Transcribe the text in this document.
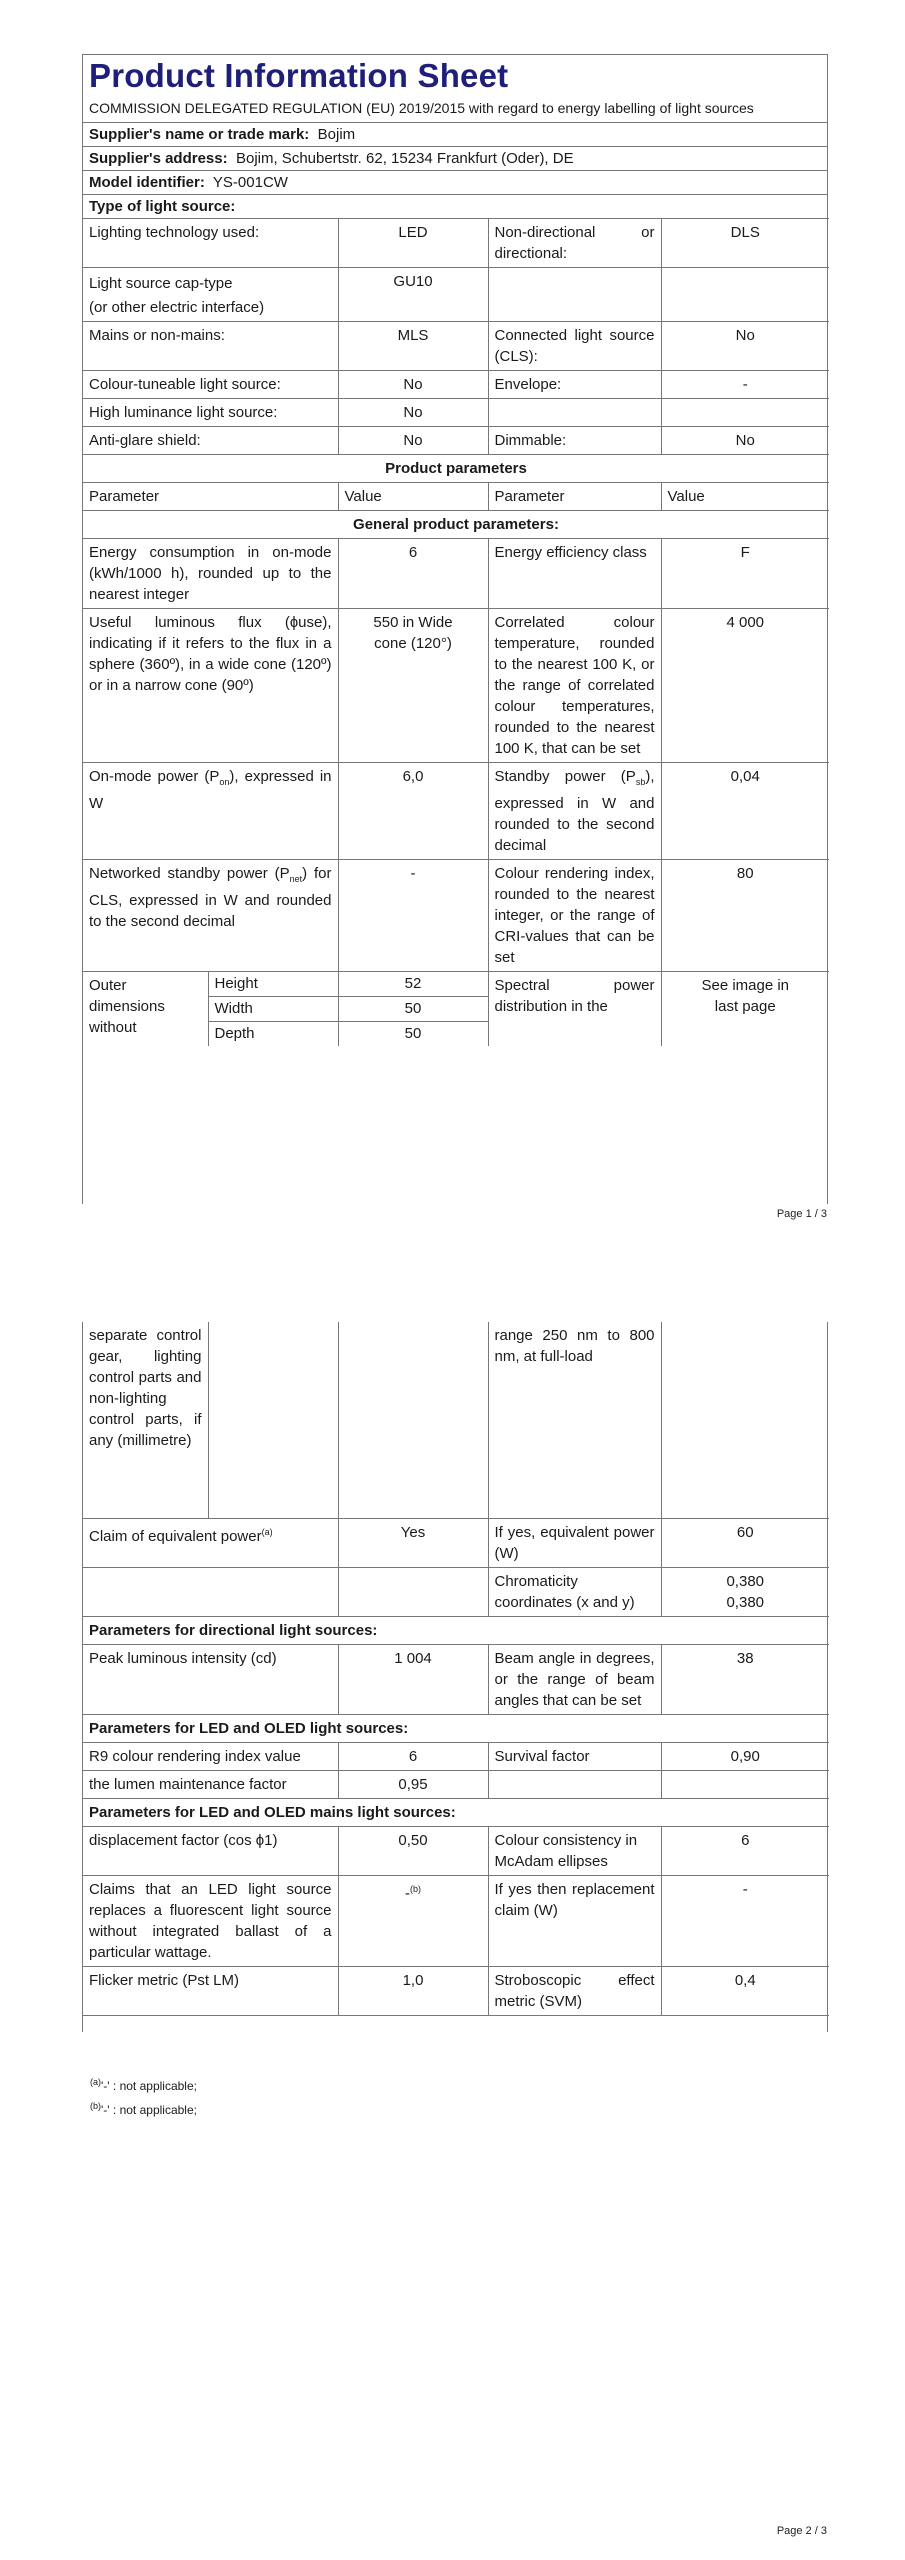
Product Information Sheet
COMMISSION DELEGATED REGULATION (EU) 2019/2015 with regard to energy labelling of light sources
Supplier's name or trade mark: Bojim
Supplier's address: Bojim, Schubertstr. 62, 15234 Frankfurt (Oder), DE
Model identifier: YS-001CW
Type of light source:
Lighting technology used:	LED	Non-directional or directional:	DLS

Light source cap-type
(or other electric interface)	GU10		
Mains or non-mains:	MLS	Connected light source (CLS):	No
Colour-tuneable light source:	No	Envelope:	-
High luminance light source:	No		
Anti-glare shield:	No	Dimmable:	No
Product parameters			
Parameter	Value	Parameter	Value
General product parameters:			
Energy consumption in on-mode (kWh/1000 h), rounded up to the nearest integer	6	Energy efficiency class	F
Useful luminous flux (ɸuse), indicating if it refers to the flux in a sphere (360º), in a wide cone (120º) or in a narrow cone (90º)	550 in Wide cone (120°)	Correlated colour temperature, rounded to the nearest 100 K, or the range of correlated colour temperatures, rounded to the nearest 100 K, that can be set	4 000
On-mode power $(P_{on})$, expressed in W	6,0	Standby power $(P_{sb})$, expressed in W and rounded to the second decimal	0,04
Networked standby power $(P_{net})$ for CLS, expressed in W and rounded to the second decimal	-	Colour rendering index, rounded to the nearest integer, or the range of CRI-values that can be set	80
Outer dimensions without	Height	52	Spectral power distribution in the	See image in last page
	Width	50		
	Depth	50		
Page 1 / 3
separate control gear, lighting control parts and non-lighting control parts, if any (millimetre)			range 250 nm to 800 nm, at full-load	
Claim of equivalent power$^{(a)}$	Yes	If yes, equivalent power (W)	60
		Chromaticity coordinates (x and y)	0,380
0,380

Parameters for directional light sources:			
Peak luminous intensity (cd)	1 004	Beam angle in degrees, or the range of beam angles that can be set	38
Parameters for LED and OLED light sources:			
R9 colour rendering index value	6	Survival factor	0,90
the lumen maintenance factor	0,95		
Parameters for LED and OLED mains light sources:			
displacement factor (cos ϕ1)	0,50	Colour consistency in McAdam ellipses	6
Claims that an LED light source replaces a fluorescent light source without integrated ballast of a particular wattage.	-$^{(b)}$	If yes then replacement claim (W)	-
Flicker metric (Pst LM)	1,0	Stroboscopic effect metric (SVM)	0,4
$^{(a)}$'-' : not applicable;
$^{(b)}$'-' : not applicable;
Page 2 / 3
